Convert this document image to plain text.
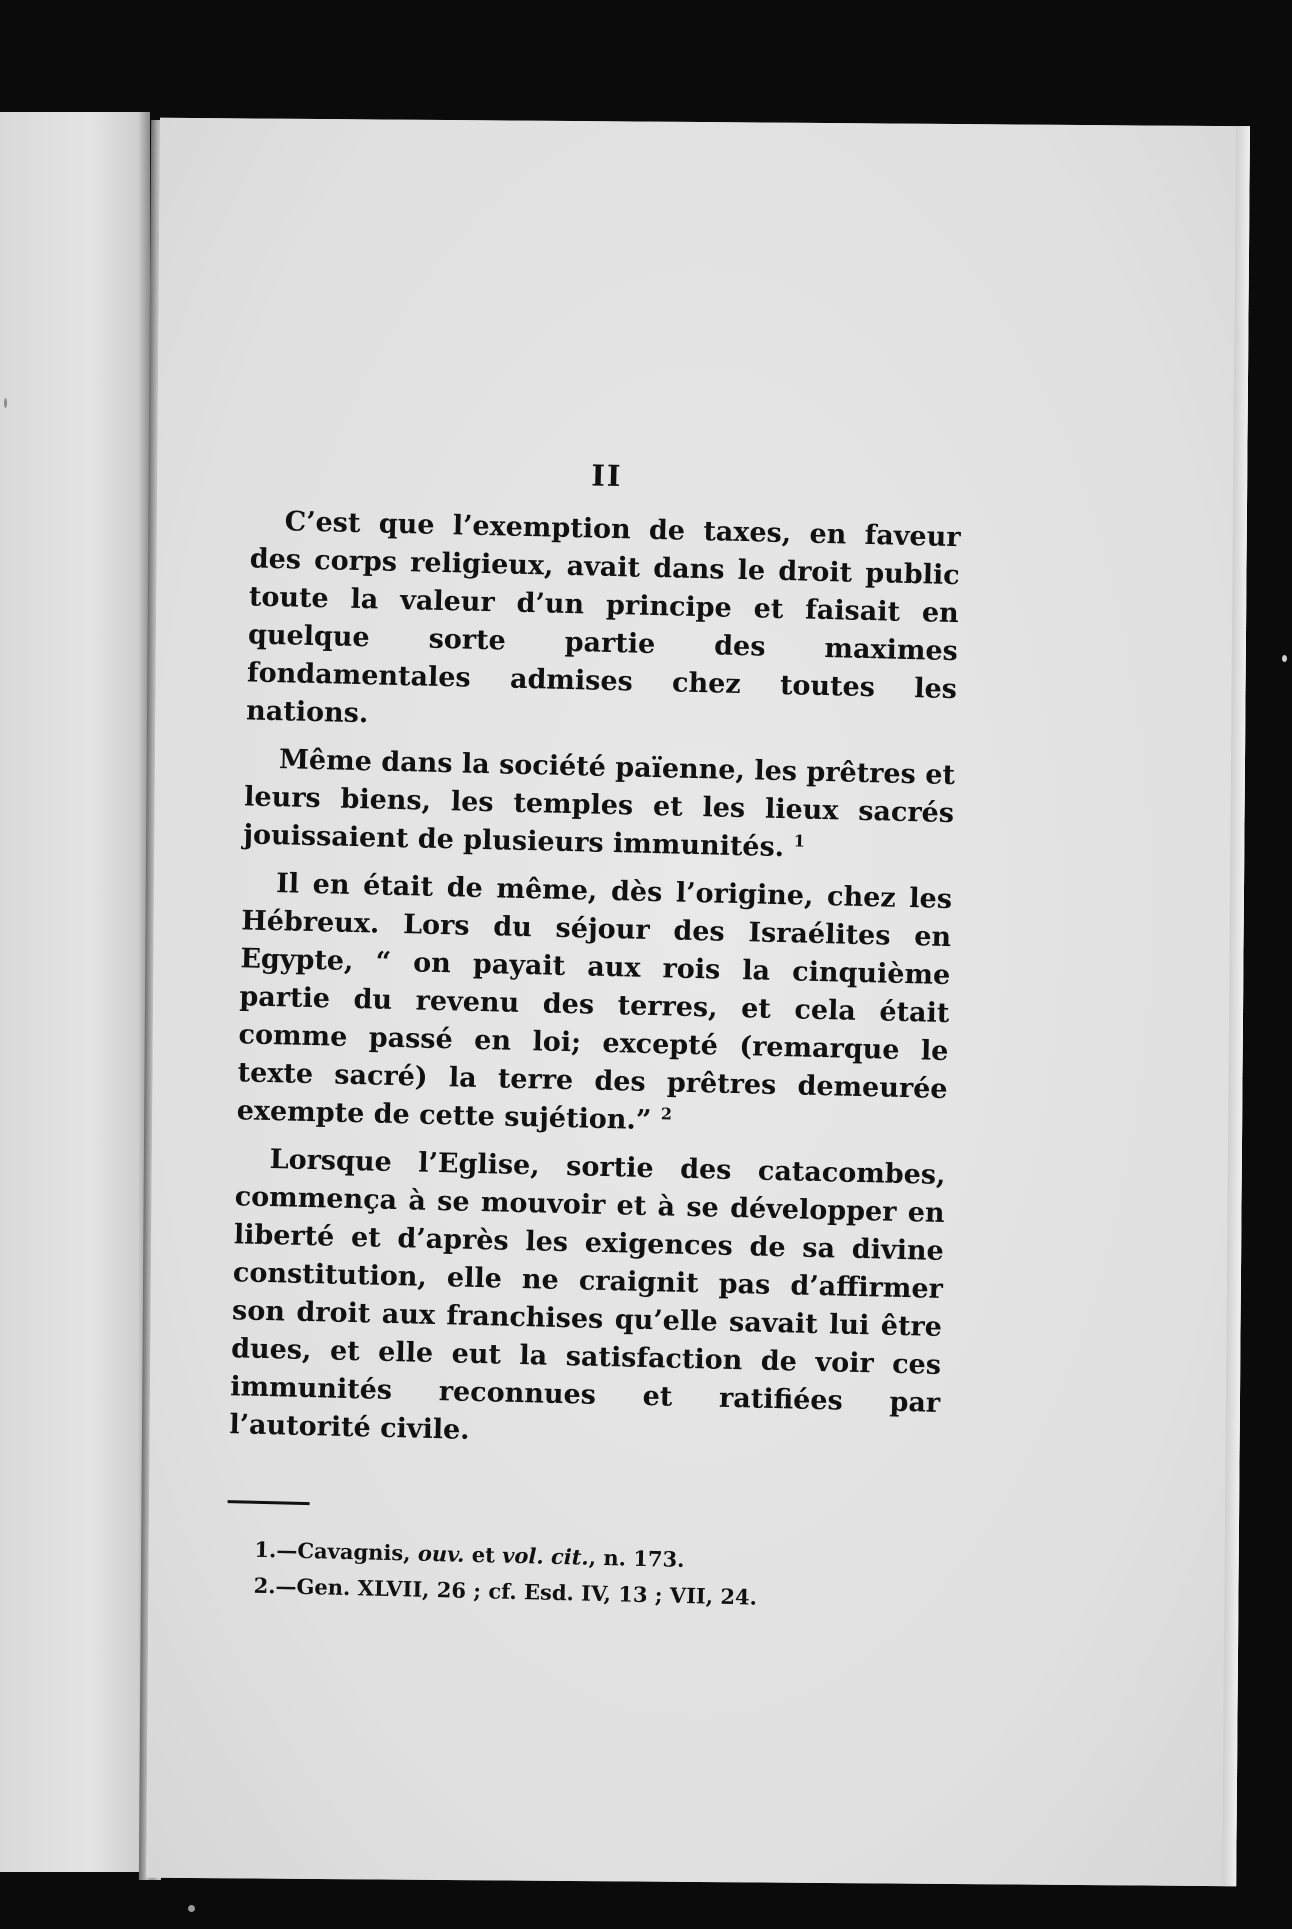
II

C’est que l’exemption de taxes, en faveur des corps religieux, avait dans le droit public toute la valeur d’un principe et faisait en quelque sorte partie des maximes fondamentales admises chez toutes les nations.

Même dans la société païenne, les prêtres et leurs biens, les temples et les lieux sacrés jouissaient de plusieurs immunités. $^1$

Il en était de même, dès l’origine, chez les Hébreux. Lors du séjour des Israélites en Egypte, “ on payait aux rois la cinquième partie du revenu des terres, et cela était comme passé en loi; excepté (remarque le texte sacré) la terre des prêtres demeurée exempte de cette sujétion.” $^2$

Lorsque l’Eglise, sortie des catacombes, commença à se mouvoir et à se développer en liberté et d’après les exigences de sa divine constitution, elle ne craignit pas d’affirmer son droit aux franchises qu’elle savait lui être dues, et elle eut la satisfaction de voir ces immunités reconnues et ratifiées par l’autorité civile.

1.—Cavagnis, ouv. et vol. cit., n. 173.

2.—Gen. XLVII, 26 ; cf. Esd. IV, 13 ; VII, 24.
